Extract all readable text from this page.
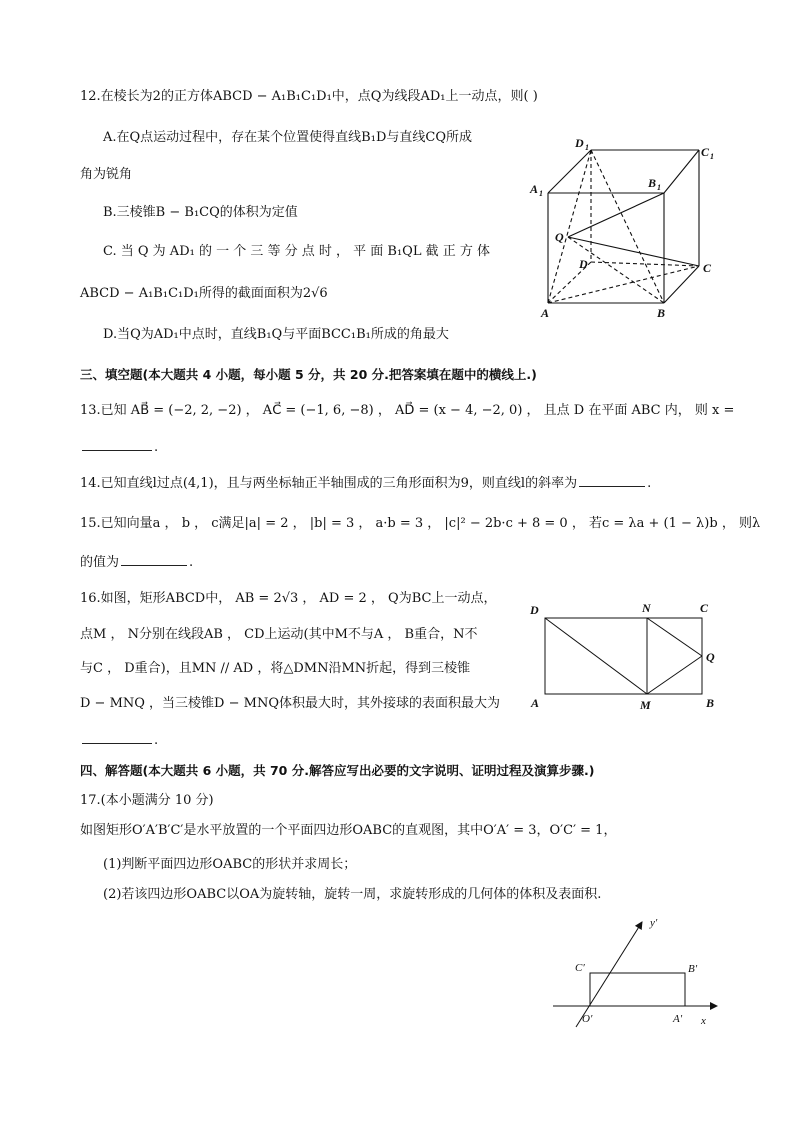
12.在棱长为2的正方体ABCD − A₁B₁C₁D₁中，点Q为线段AD₁上一动点，则( )
A.在Q点运动过程中，存在某个位置使得直线B₁D与直线CQ所成
角为锐角
B.三棱锥B − B₁CQ的体积为定值
C. 当 Q 为 AD₁ 的 一 个 三 等 分 点 时 ， 平 面 B₁QL 截 正 方 体
ABCD − A₁B₁C₁D₁所得的截面面积为2√6
D.当Q为AD₁中点时，直线B₁Q与平面BCC₁B₁所成的角最大
D 1	C 1
A 1
B 1
Q
D	C
A	B
三、填空题(本大题共 4 小题，每小题 5 分，共 20 分.把答案填在题中的横线上.)
13.已知 AB⃗ = (−2, 2, −2) ， AC⃗ = (−1, 6, −8) ， AD⃗ = (x − 4, −2, 0) ， 且点 D 在平面 ABC 内， 则 x =
.
14.已知直线l过点(4,1)，且与两坐标轴正半轴围成的三角形面积为9，则直线l的斜率为	.
15.已知向量a ， b ， c满足|a| = 2 ， |b| = 3 ， a·b = 3 ， |c|² − 2b·c + 8 = 0 ， 若c = λa + (1 − λ)b ， 则λ
的值为	.
16.如图，矩形ABCD中， AB = 2√3 ， AD = 2 ， Q为BC上一动点，
点M ， N分别在线段AB ， CD上运动(其中M不与A ， B重合，N不
与C ， D重合)，且MN // AD ，将△DMN沿MN折起，得到三棱锥
D − MNQ ，当三棱锥D − MNQ体积最大时，其外接球的表面积最大为
.
D	N	C
Q
A	M	B
四、解答题(本大题共 6 小题，共 70 分.解答应写出必要的文字说明、证明过程及演算步骤.)
17.(本小题满分 10 分)
如图矩形O′A′B′C′是水平放置的一个平面四边形OABC的直观图，其中O′A′ = 3，O′C′ = 1，
(1)判断平面四边形OABC的形状并求周长；
(2)若该四边形OABC以OA为旋转轴，旋转一周，求旋转形成的几何体的体积及表面积.
y′
C′	B′
O′	A′ x
